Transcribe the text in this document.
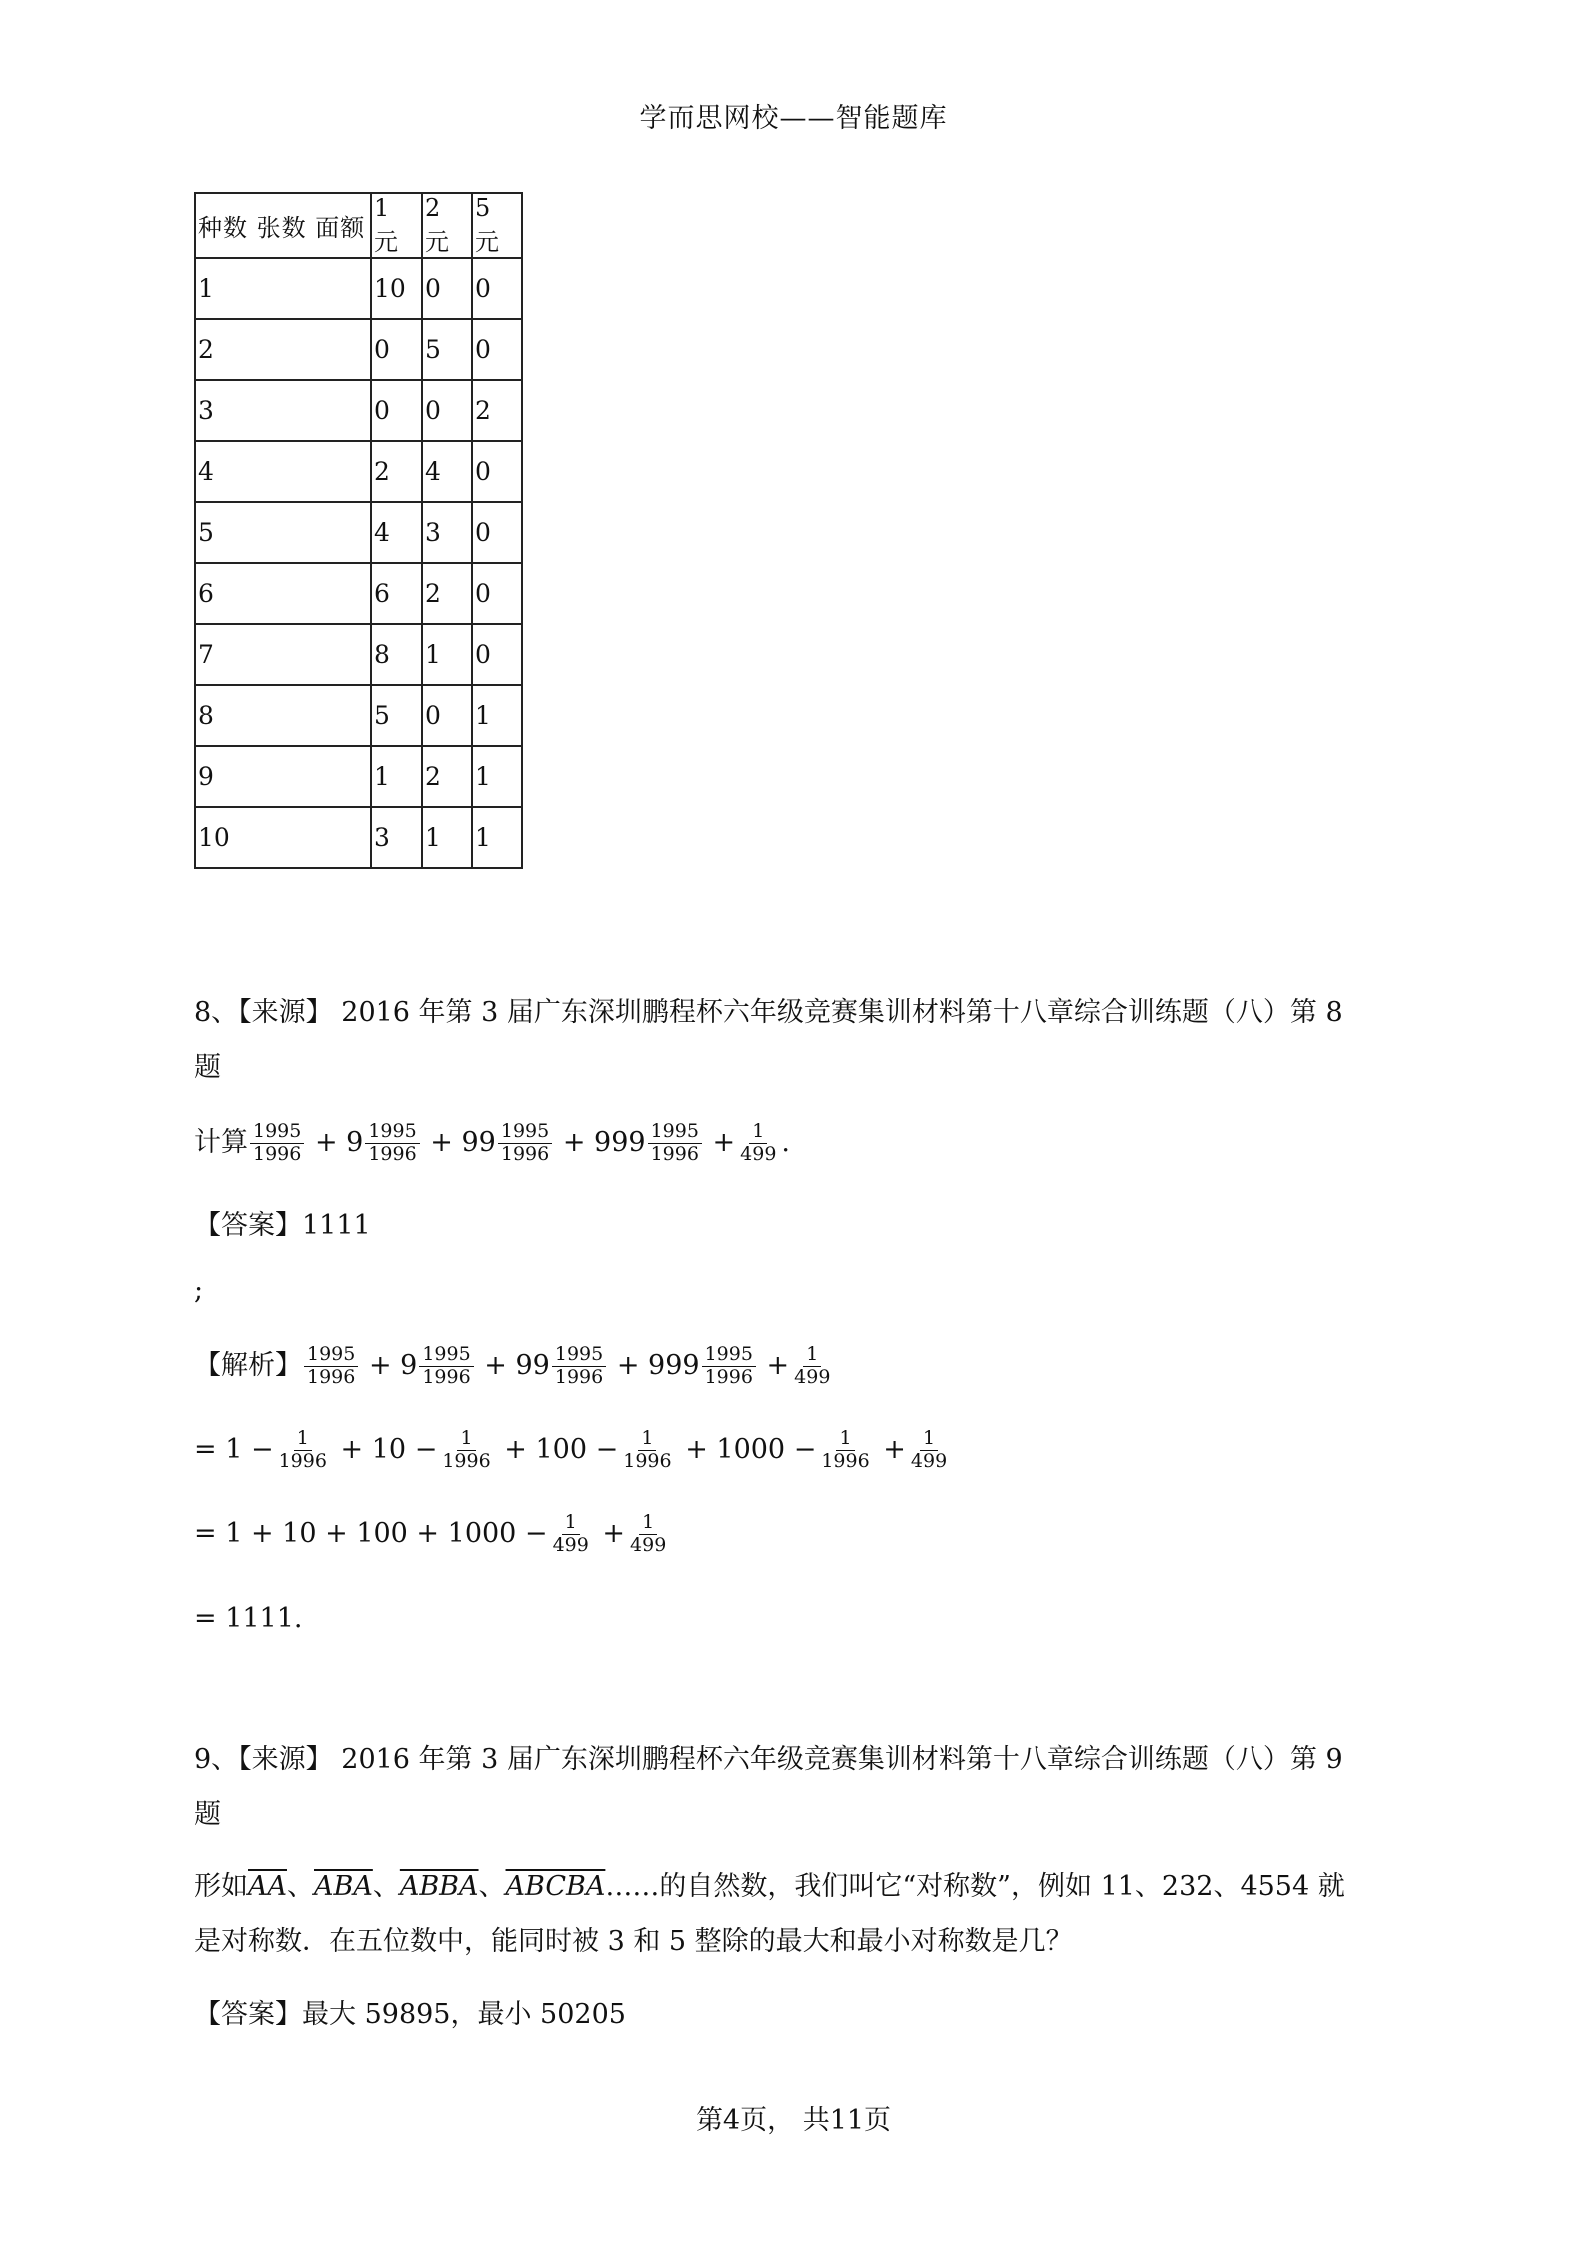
学而思网校——智能题库
种数 张数 面额	1 元	2 元	5 元
1	10	0	0
2	0	5	0
3	0	0	2
4	2	4	0
5	4	3	0
6	6	2	0
7	8	1	0
8	5	0	1
9	1	2	1
10	3	1	1
8、【来源】 2016 年第 3 届广东深圳鹏程杯六年级竞赛集训材料第十八章综合训练题（八）第 8
题
计算 $\frac{1995}{1996} + 9 \frac{1995}{1996} + 99 \frac{1995}{1996} + 999 \frac{1995}{1996} + \frac{1}{499}$ .
【答案】1111
;
【解析】 $\frac{1995}{1996} + 9 \frac{1995}{1996} + 99 \frac{1995}{1996} + 999 \frac{1995}{1996} + \frac{1}{499}$
= $1 - \frac{1}{1996} + 10 - \frac{1}{1996} + 100 - \frac{1}{1996} + 1000 - \frac{1}{1996} + \frac{1}{499}$
= $1 + 10 + 100 + 1000 - \frac{1}{499} + \frac{1}{499}$
= 1111.
9、【来源】 2016 年第 3 届广东深圳鹏程杯六年级竞赛集训材料第十八章综合训练题（八）第 9
题
形如$\overline{AA}$、$\overline{ABA}$、ABBA、ABCBA……的自然数，我们叫它“对称数”，例如 11、232、4554 就
是对称数．在五位数中，能同时被 3 和 5 整除的最大和最小对称数是几？
【答案】最大 59895，最小 50205
第4页， 共11页
